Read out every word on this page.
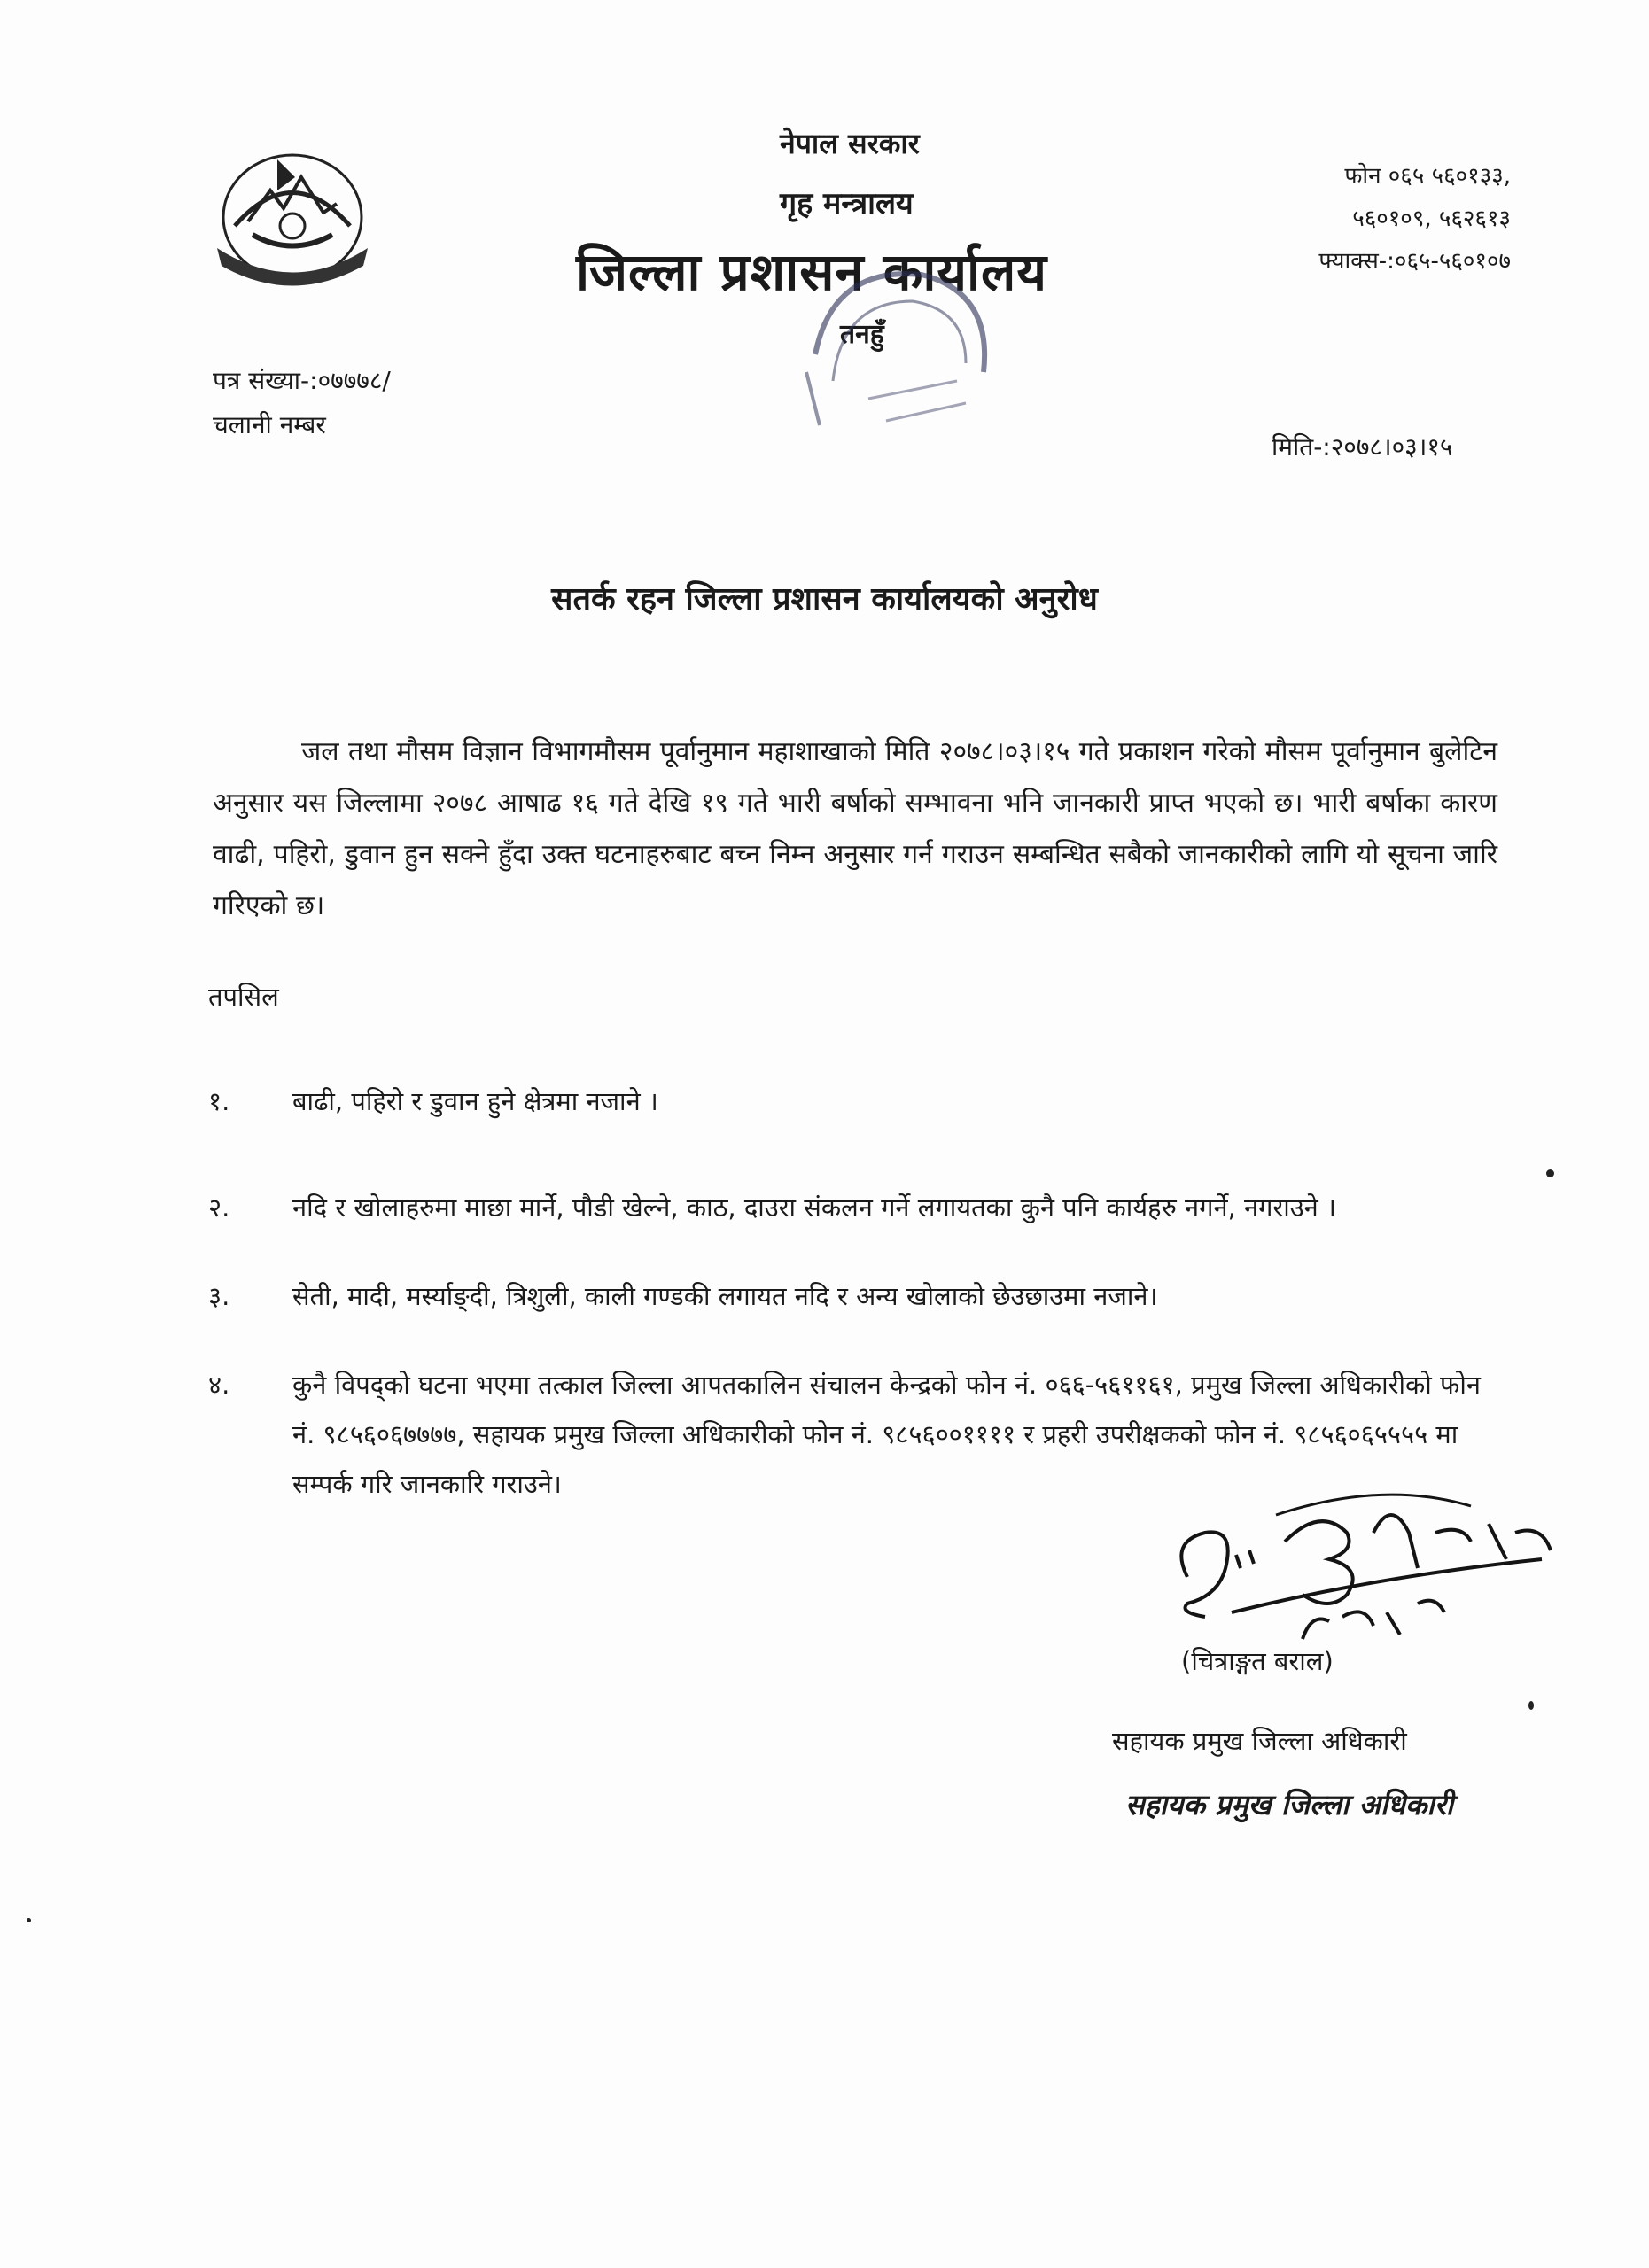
नेपाल सरकार
गृह मन्त्रालय
जिल्ला प्रशासन कार्यालय
तनहुँ
फोन ०६५ ५६०१३३,
५६०१०९, ५६२६१३
फ्याक्स-:०६५-५६०१०७
पत्र संख्या-:०७७७८/
चलानी नम्बर
मिति-:२०७८।०३।१५
सतर्क रहन जिल्ला प्रशासन कार्यालयको अनुरोध
जल तथा मौसम विज्ञान विभागमौसम पूर्वानुमान महाशाखाको मिति २०७८।०३।१५ गते प्रकाशन गरेको मौसम पूर्वानुमान बुलेटिन अनुसार यस जिल्लामा २०७८ आषाढ १६ गते देखि १९ गते भारी बर्षाको सम्भावना भनि जानकारी प्राप्त भएको छ। भारी बर्षाका कारण वाढी, पहिरो, डुवान हुन सक्ने हुँदा उक्त घटनाहरुबाट बच्न निम्न अनुसार गर्न गराउन सम्बन्धित सबैको जानकारीको लागि यो सूचना जारि गरिएको छ।
तपसिल
१.	बाढी, पहिरो र डुवान हुने क्षेत्रमा नजाने ।
२.	नदि र खोलाहरुमा माछा मार्ने, पौडी खेल्ने, काठ, दाउरा संकलन गर्ने लगायतका कुनै पनि कार्यहरु नगर्ने, नगराउने ।
३.	सेती, मादी, मर्स्याङ्दी, त्रिशुली, काली गण्डकी लगायत नदि र अन्य खोलाको छेउछाउमा नजाने।
४.	कुनै विपद्को घटना भएमा तत्काल जिल्ला आपतकालिन संचालन केन्द्रको फोन नं. ०६६-५६११६१, प्रमुख जिल्ला अधिकारीको फोन नं. ९८५६०६७७७७, सहायक प्रमुख जिल्ला अधिकारीको फोन नं. ९८५६००११११ र प्रहरी उपरीक्षकको फोन नं. ९८५६०६५५५५ मा सम्पर्क गरि जानकारि गराउने।
(चित्राङ्गत बराल)
सहायक प्रमुख जिल्ला अधिकारी
सहायक प्रमुख जिल्ला अधिकारी
